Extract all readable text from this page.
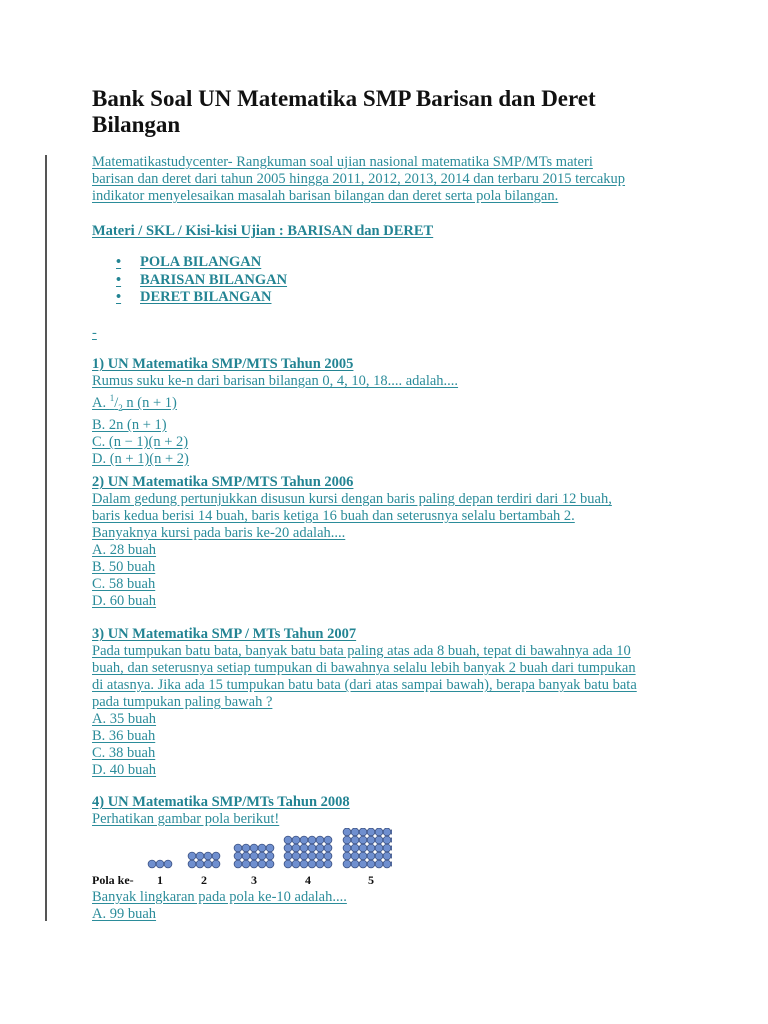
Bank Soal UN Matematika SMP Barisan dan Deret
Bilangan
Matematikastudycenter- Rangkuman soal ujian nasional matematika SMP/MTs materi
barisan dan deret dari tahun 2005 hingga 2011, 2012, 2013, 2014 dan terbaru 2015 tercakup
indikator menyelesaikan masalah barisan bilangan dan deret serta pola bilangan.
Materi / SKL / Kisi-kisi Ujian : BARISAN dan DERET
• POLA BILANGAN
• BARISAN BILANGAN
• DERET BILANGAN
-
1) UN Matematika SMP/MTS Tahun 2005
Rumus suku ke-n dari barisan bilangan 0, 4, 10, 18.... adalah....
A. $^1/_2$ n (n + 1)
B. 2n (n + 1)
C. (n − 1)(n + 2)
D. (n + 1)(n + 2)
2) UN Matematika SMP/MTS Tahun 2006
Dalam gedung pertunjukkan disusun kursi dengan baris paling depan terdiri dari 12 buah,
baris kedua berisi 14 buah, baris ketiga 16 buah dan seterusnya selalu bertambah 2.
Banyaknya kursi pada baris ke-20 adalah....
A. 28 buah
B. 50 buah
C. 58 buah
D. 60 buah
3) UN Matematika SMP / MTs Tahun 2007
Pada tumpukan batu bata, banyak batu bata paling atas ada 8 buah, tepat di bawahnya ada 10
buah, dan seterusnya setiap tumpukan di bawahnya selalu lebih banyak 2 buah dari tumpukan
di atasnya. Jika ada 15 tumpukan batu bata (dari atas sampai bawah), berapa banyak batu bata
pada tumpukan paling bawah ?
A. 35 buah
B. 36 buah
C. 38 buah
D. 40 buah
4) UN Matematika SMP/MTs Tahun 2008
Perhatikan gambar pola berikut!
Pola ke- 1	2	3	4	5
Banyak lingkaran pada pola ke-10 adalah....
A. 99 buah
